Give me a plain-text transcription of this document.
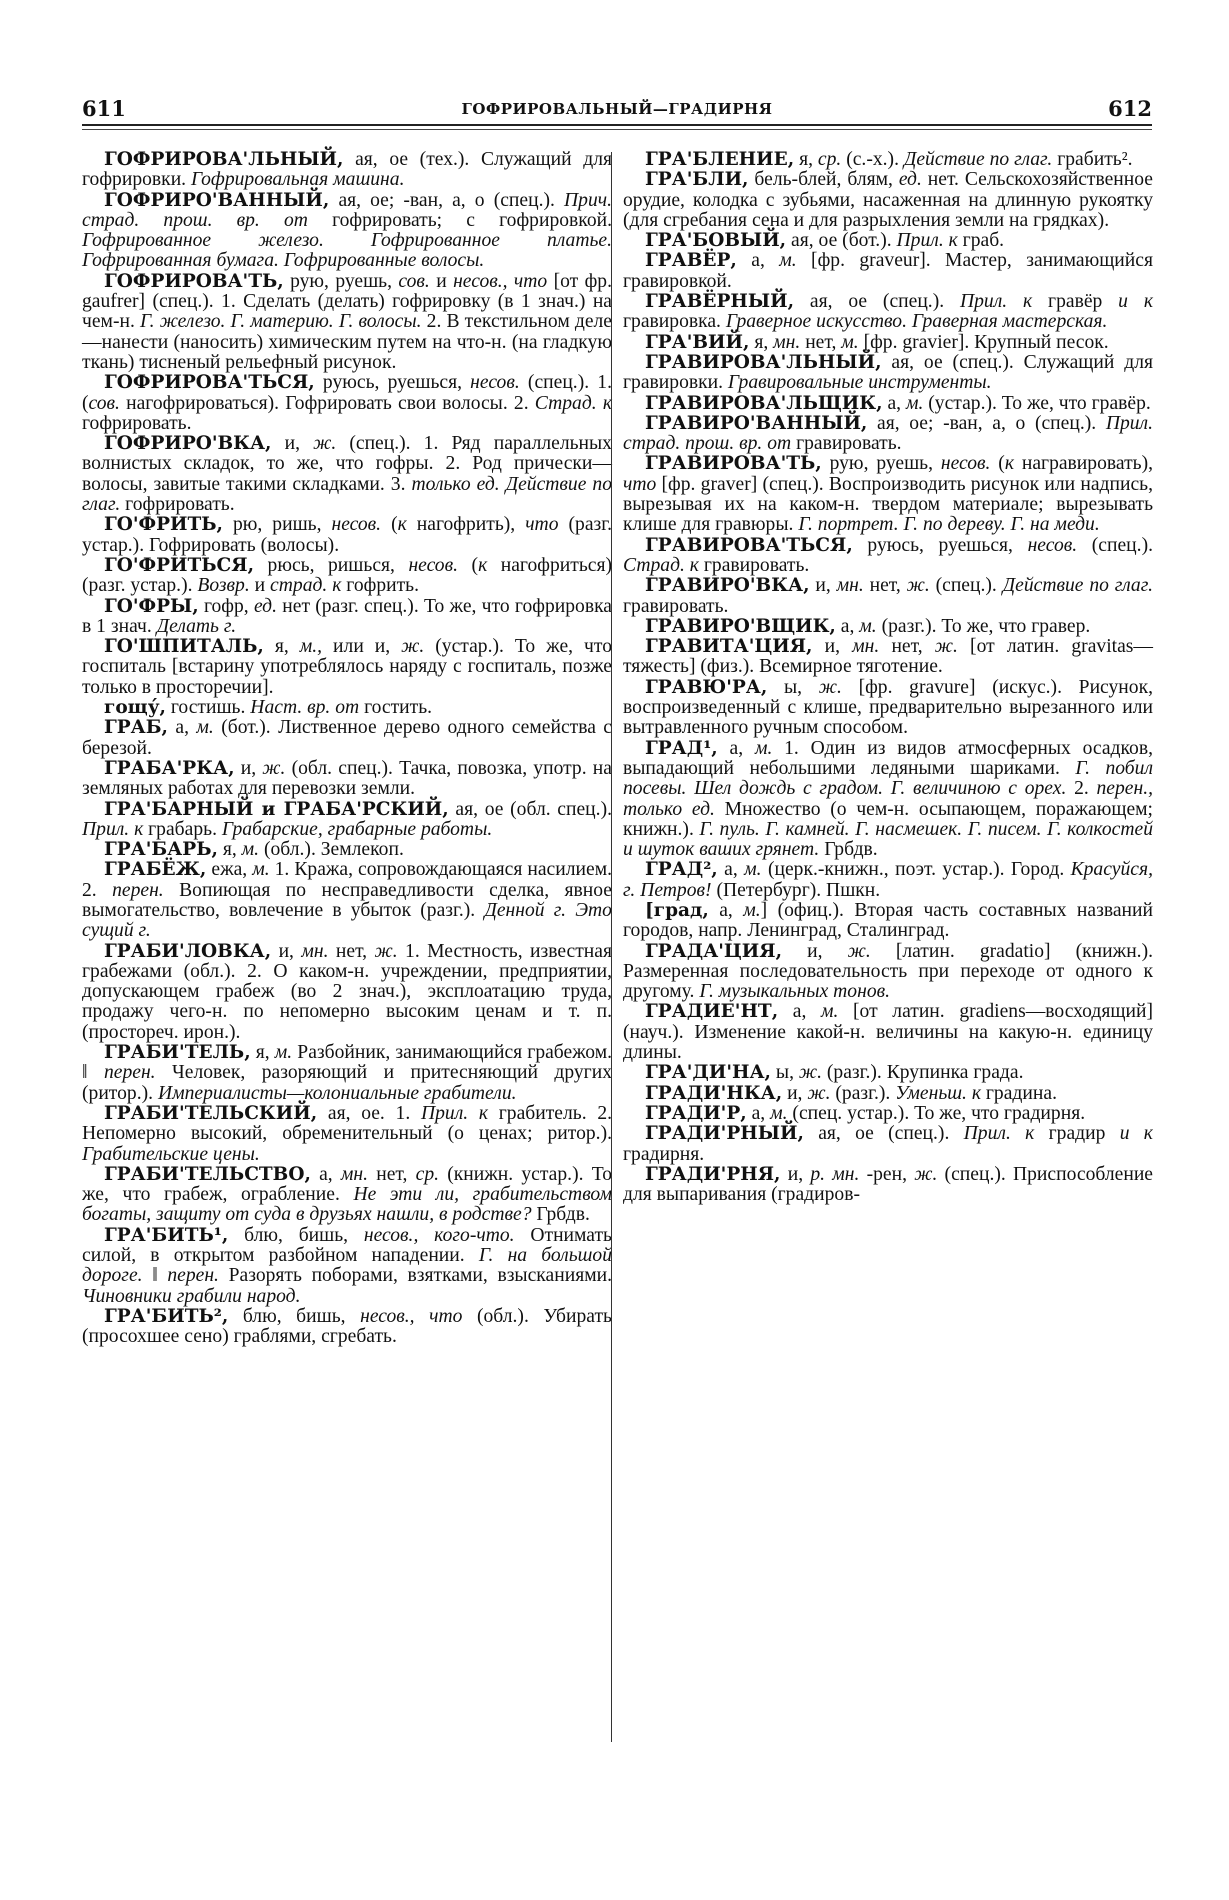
611	ГОФРИРОВАЛЬНЫЙ—ГРАДИРНЯ	612

ГОФРИРОВА'ЛЬНЫЙ, ая, ое (тех.). Служащий для гофрировки. Гофрировальная машина.

ГОФРИРО'ВАННЫЙ, ая, ое; -ван, а, о (спец.). Прич. страд. прош. вр. от гофрировать; с гофрировкой. Гофрированное железо. Гофрированное платье. Гофрированная бумага. Гофрированные волосы.

ГОФРИРОВА'ТЬ, рую, руешь, сов. и несов., что [от фр. gaufrer] (спец.). 1. Сделать (делать) гофрировку (в 1 знач.) на чем-н. Г. железо. Г. материю. Г. волосы. 2. В текстильном деле—нанести (наносить) химическим путем на что-н. (на гладкую ткань) тисненый рельефный рисунок.

ГОФРИРОВА'ТЬСЯ, руюсь, руешься, несов. (спец.). 1. (сов. нагофрироваться). Гофрировать свои волосы. 2. Страд. к гофрировать.

ГОФРИРО'ВКА, и, ж. (спец.). 1. Ряд параллельных волнистых складок, то же, что гофры. 2. Род прически—волосы, завитые такими складками. 3. только ед. Действие по глаг. гофрировать.

ГО'ФРИТЬ, рю, ришь, несов. (к нагофрить), что (разг. устар.). Гофрировать (волосы).

ГО'ФРИТЬСЯ, рюсь, ришься, несов. (к нагофриться) (разг. устар.). Возвр. и страд. к гофрить.

ГО'ФРЫ, гофр, ед. нет (разг. спец.). То же, что гофрировка в 1 знач. Делать г.

ГО'ШПИТАЛЬ, я, м., или и, ж. (устар.). То же, что госпиталь [встарину употреблялось наряду с госпиталь, позже только в просторечии].

гощу́, гостишь. Наст. вр. от гостить.

ГРАБ, а, м. (бот.). Лиственное дерево одного семейства с березой.

ГРАБА'РКА, и, ж. (обл. спец.). Тачка, повозка, употр. на земляных работах для перевозки земли.

ГРА'БАРНЫЙ и ГРАБА'РСКИЙ, ая, ое (обл. спец.). Прил. к грабарь. Грабарские, грабарные работы.

ГРА'БАРЬ, я, м. (обл.). Землекоп.

ГРАБЁЖ, ежа, м. 1. Кража, сопровождающаяся насилием. 2. перен. Вопиющая по несправедливости сделка, явное вымогательство, вовлечение в убыток (разг.). Денной г. Это сущий г.

ГРАБИ'ЛОВКА, и, мн. нет, ж. 1. Местность, известная грабежами (обл.). 2. О каком-н. учреждении, предприятии, допускающем грабеж (во 2 знач.), эксплоатацию труда, продажу чего-н. по непомерно высоким ценам и т. п. (простореч. ирон.).

ГРАБИ'ТЕЛЬ, я, м. Разбойник, занимающийся грабежом. ‖ перен. Человек, разоряющий и притесняющий других (ритор.). Империалисты—колониальные грабители.

ГРАБИ'ТЕЛЬСКИЙ, ая, ое. 1. Прил. к грабитель. 2. Непомерно высокий, обременительный (о ценах; ритор.). Грабительские цены.

ГРАБИ'ТЕЛЬСТВО, а, мн. нет, ср. (книжн. устар.). То же, что грабеж, ограбление. Не эти ли, грабительством богаты, защиту от суда в друзьях нашли, в родстве? Грбдв.

ГРА'БИТЬ¹, блю, бишь, несов., кого-что. Отнимать силой, в открытом разбойном нападении. Г. на большой дороге. ‖ перен. Разорять поборами, взятками, взысканиями. Чиновники грабили народ.

ГРА'БИТЬ², блю, бишь, несов., что (обл.). Убирать (просохшее сено) граблями, сгребать.

ГРА'БЛЕНИЕ, я, ср. (с.-х.). Действие по глаг. грабить².

ГРА'БЛИ, бель-блей, блям, ед. нет. Сельскохозяйственное орудие, колодка с зубьями, насаженная на длинную рукоятку (для сгребания сена и для разрыхления земли на грядках).

ГРА'БОВЫЙ, ая, ое (бот.). Прил. к граб.

ГРАВЁР, а, м. [фр. graveur]. Мастер, занимающийся гравировкой.

ГРАВЁРНЫЙ, ая, ое (спец.). Прил. к гравёр и к гравировка. Граверное искусство. Граверная мастерская.

ГРА'ВИЙ, я, мн. нет, м. [фр. gravier]. Крупный песок.

ГРАВИРОВА'ЛЬНЫЙ, ая, ое (спец.). Служащий для гравировки. Гравировальные инструменты.

ГРАВИРОВА'ЛЬЩИК, а, м. (устар.). То же, что гравёр.

ГРАВИРО'ВАННЫЙ, ая, ое; -ван, а, о (спец.). Прил. страд. прош. вр. от гравировать.

ГРАВИРОВА'ТЬ, рую, руешь, несов. (к награвировать), что [фр. graver] (спец.). Воспроизводить рисунок или надпись, вырезывая их на каком-н. твердом материале; вырезывать клише для гравюры. Г. портрет. Г. по дереву. Г. на меди.

ГРАВИРОВА'ТЬСЯ, руюсь, руешься, несов. (спец.). Страд. к гравировать.

ГРАВИРО'ВКА, и, мн. нет, ж. (спец.). Действие по глаг. гравировать.

ГРАВИРО'ВЩИК, а, м. (разг.). То же, что гравер.

ГРАВИТА'ЦИЯ, и, мн. нет, ж. [от латин. gravitas—тяжесть] (физ.). Всемирное тяготение.

ГРАВЮ'РА, ы, ж. [фр. gravure] (искус.). Рисунок, воспроизведенный с клише, предварительно вырезанного или вытравленного ручным способом.

ГРАД¹, а, м. 1. Один из видов атмосферных осадков, выпадающий небольшими ледяными шариками. Г. побил посевы. Шел дождь с градом. Г. величиною с орех. 2. перен., только ед. Множество (о чем-н. осыпающем, поражающем; книжн.). Г. пуль. Г. камней. Г. насмешек. Г. писем. Г. колкостей и шуток ваших грянет. Грбдв.

ГРАД², а, м. (церк.-книжн., поэт. устар.). Город. Красуйся, г. Петров! (Петербург). Пшкн.

[град, а, м.] (офиц.). Вторая часть составных названий городов, напр. Ленинград, Сталинград.

ГРАДА'ЦИЯ, и, ж. [латин. gradatio] (книжн.). Размеренная последовательность при переходе от одного к другому. Г. музыкальных тонов.

ГРАДИЕ'НТ, а, м. [от латин. gradiens—восходящий] (науч.). Изменение какой-н. величины на какую-н. единицу длины.

ГРА'ДИ'НА, ы, ж. (разг.). Крупинка града.

ГРАДИ'НКА, и, ж. (разг.). Уменьш. к градина.

ГРАДИ'Р, а, м. (спец. устар.). То же, что градирня.

ГРАДИ'РНЫЙ, ая, ое (спец.). Прил. к градир и к градирня.

ГРАДИ'РНЯ, и, р. мн. -рен, ж. (спец.). Приспособление для выпаривания (градиров-
